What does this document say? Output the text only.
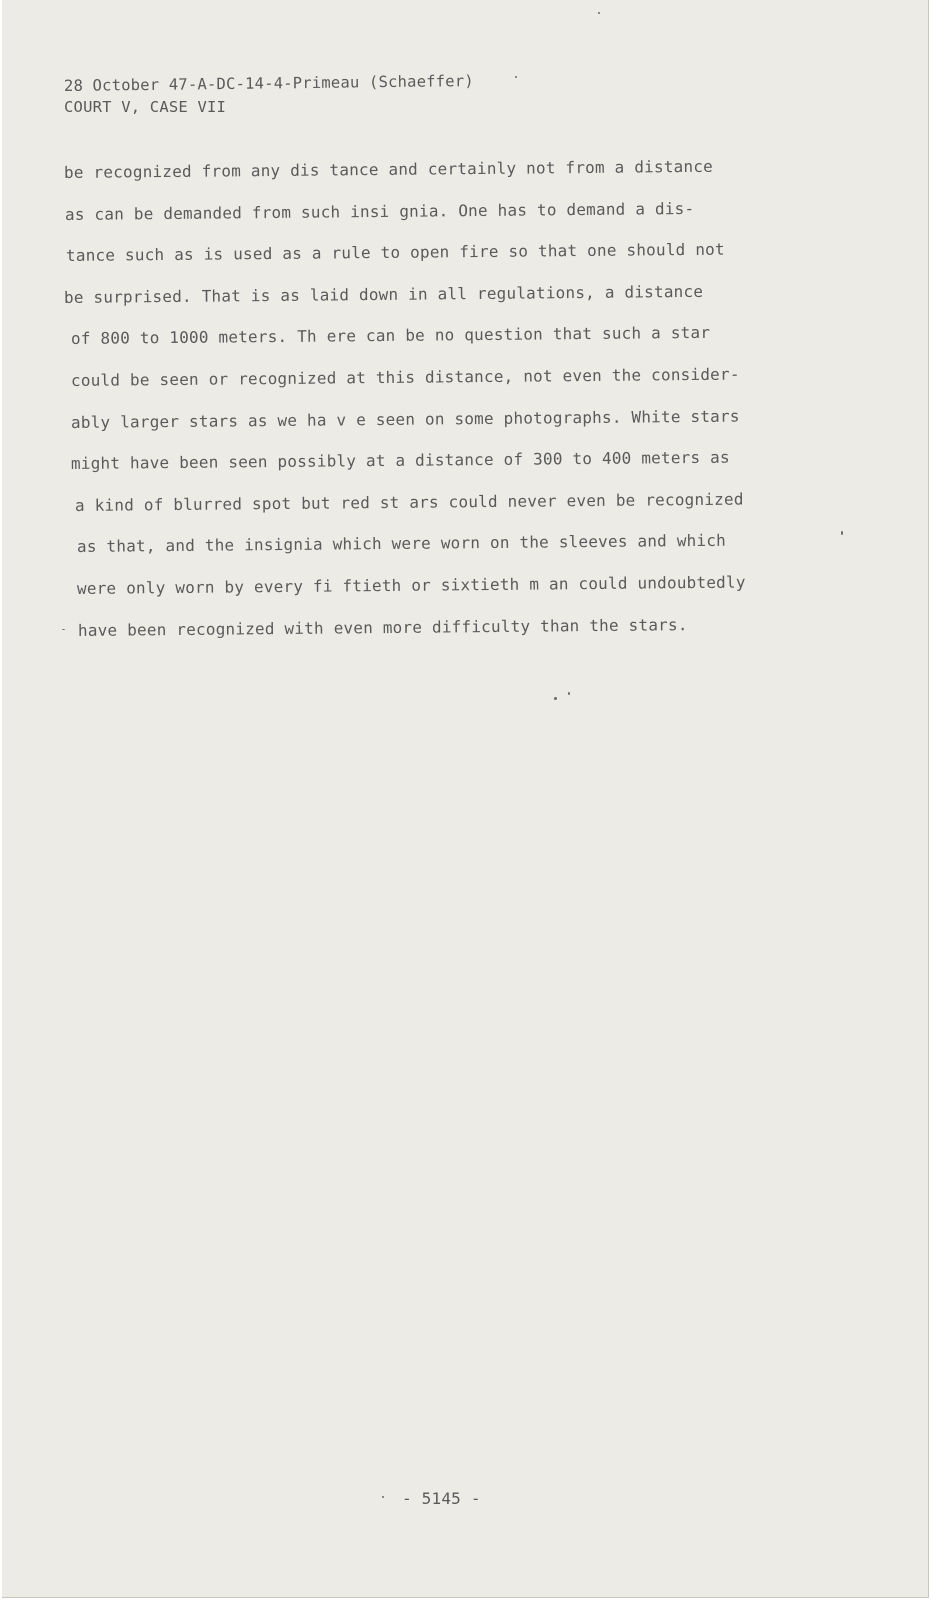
28 October 47-A-DC-14-4-Primeau (Schaeffer)
COURT V, CASE VII
be recognized from any dis tance and certainly not from a distance
as can be demanded from such insi gnia. One has to demand a dis-
tance such as is used as a rule to open fire so that one should not
be surprised. That is as laid down in all regulations, a distance
of 800 to 1000 meters. Th ere can be no question that such a star
could be seen or recognized at this distance, not even the consider-
ably larger stars as we ha v e seen on some photographs. White stars
might have been seen possibly at a distance of 300 to 400 meters as
a kind of blurred spot but red st ars could never even be recognized
as that, and the insignia which were worn on the sleeves and which
were only worn by every fi ftieth or sixtieth m an could undoubtedly
have been recognized with even more difficulty than the stars.
- 5145 -
